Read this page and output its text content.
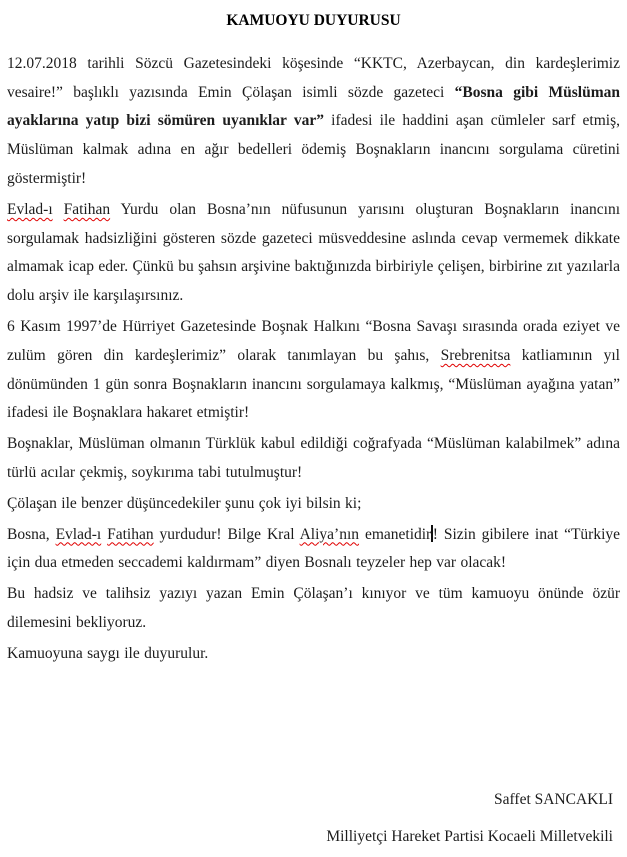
KAMUOYU DUYURUSU

12.07.2018 tarihli Sözcü Gazetesindeki köşesinde “KKTC, Azerbaycan, din kardeşlerimiz vesaire!” başlıklı yazısında Emin Çölaşan isimli sözde gazeteci “Bosna gibi Müslüman ayaklarına yatıp bizi sömüren uyanıklar var” ifadesi ile haddini aşan cümleler sarf etmiş, Müslüman kalmak adına en ağır bedelleri ödemiş Boşnakların inancını sorgulama cüretini göstermiştir!

Evlad-ı Fatihan Yurdu olan Bosna’nın nüfusunun yarısını oluşturan Boşnakların inancını sorgulamak hadsizliğini gösteren sözde gazeteci müsveddesine aslında cevap vermemek dikkate almamak icap eder. Çünkü bu şahsın arşivine baktığınızda birbiriyle çelişen, birbirine zıt yazılarla dolu arşiv ile karşılaşırsınız.

6 Kasım 1997’de Hürriyet Gazetesinde Boşnak Halkını “Bosna Savaşı sırasında orada eziyet ve zulüm gören din kardeşlerimiz” olarak tanımlayan bu şahıs, Srebrenitsa katliamının yıl dönümünden 1 gün sonra Boşnakların inancını sorgulamaya kalkmış, “Müslüman ayağına yatan” ifadesi ile Boşnaklara hakaret etmiştir!

Boşnaklar, Müslüman olmanın Türklük kabul edildiği coğrafyada “Müslüman kalabilmek” adına türlü acılar çekmiş, soykırıma tabi tutulmuştur!

Çölaşan ile benzer düşüncedekiler şunu çok iyi bilsin ki;

Bosna, Evlad-ı Fatihan yurdudur! Bilge Kral Aliya’nın emanetidir! Sizin gibilere inat “Türkiye için dua etmeden seccademi kaldırmam” diyen Bosnalı teyzeler hep var olacak!

Bu hadsiz ve talihsiz yazıyı yazan Emin Çölaşan’ı kınıyor ve tüm kamuoyu önünde özür dilemesini bekliyoruz.

Kamuoyuna saygı ile duyurulur.

Saffet SANCAKLI
Milliyetçi Hareket Partisi Kocaeli Milletvekili
